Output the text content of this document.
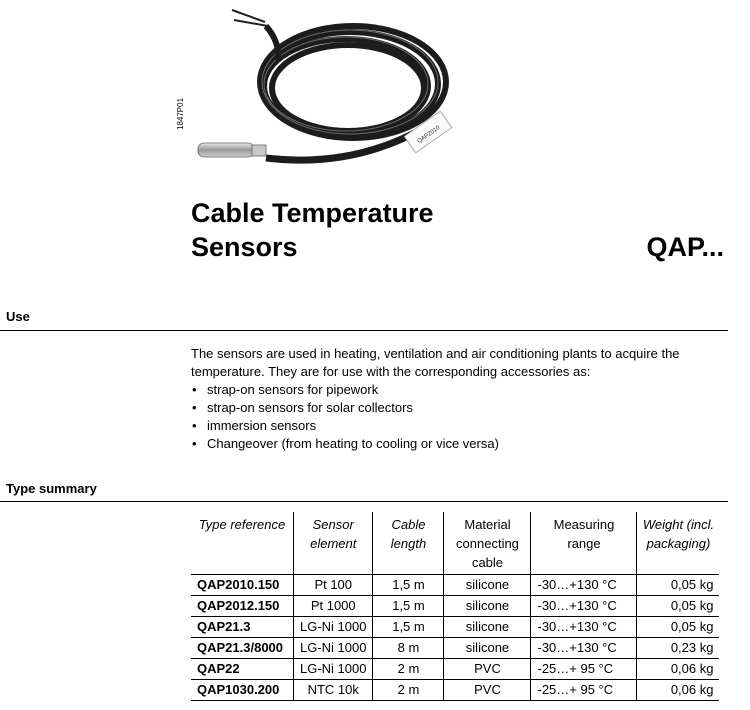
QAP2010
1847P01
Cable Temperature
Sensors	QAP...
Use
The sensors are used in heating, ventilation and air conditioning plants to acquire the temperature. They are for use with the corresponding accessories as:
• strap-on sensors for pipework
• strap-on sensors for solar collectors
• immersion sensors
• Changeover (from heating to cooling or vice versa)
Type summary
Type reference	Sensor element	Cable length	Material connecting cable	Measuring range	Weight (incl. packaging)
QAP2010.150	Pt 100	1,5 m	silicone	-30…+130 °C	0,05 kg
QAP2012.150	Pt 1000	1,5 m	silicone	-30…+130 °C	0,05 kg
QAP21.3	LG-Ni 1000	1,5 m	silicone	-30…+130 °C	0,05 kg
QAP21.3/8000	LG-Ni 1000	8 m	silicone	-30…+130 °C	0,23 kg
QAP22	LG-Ni 1000	2 m	PVC	-25…+ 95 °C	0,06 kg
QAP1030.200	NTC 10k	2 m	PVC	-25…+ 95 °C	0,06 kg
